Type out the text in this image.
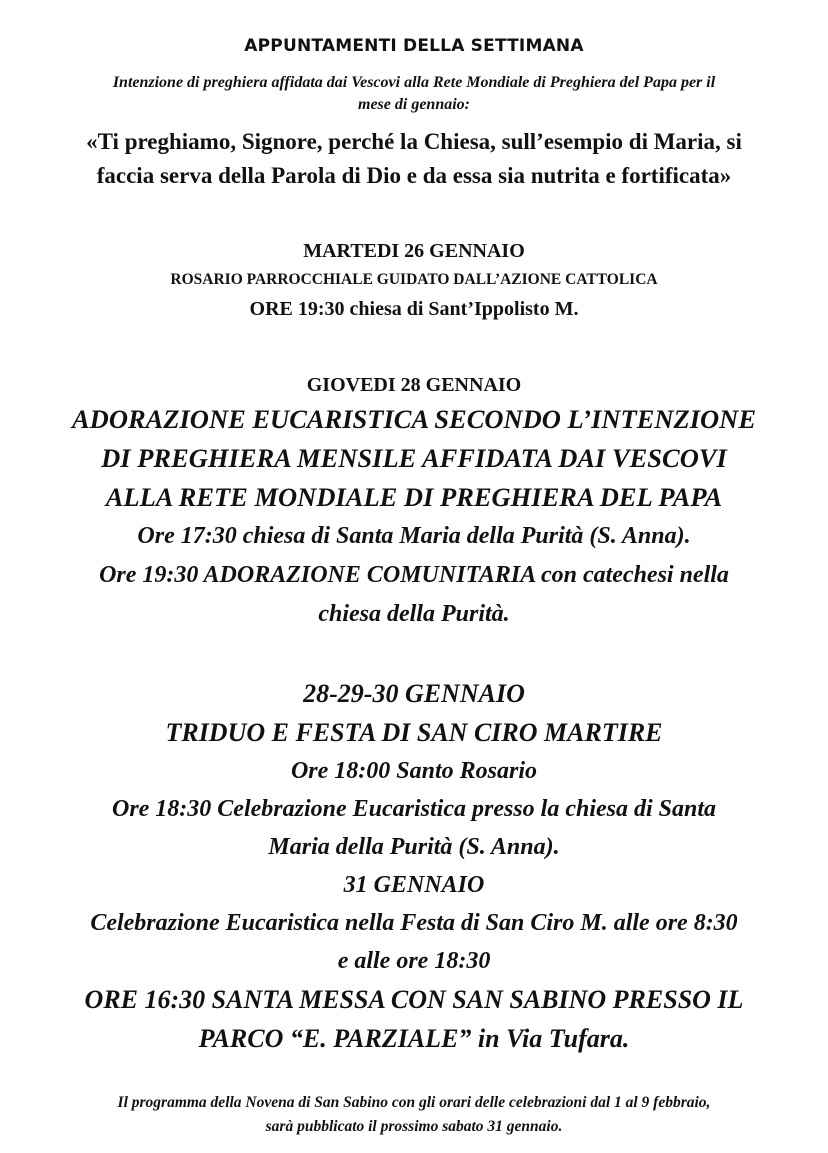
APPUNTAMENTI DELLA SETTIMANA
Intenzione di preghiera affidata dai Vescovi alla Rete Mondiale di Preghiera del Papa per il
mese di gennaio:
«Ti preghiamo, Signore, perché la Chiesa, sull’esempio di Maria, si
faccia serva della Parola di Dio e da essa sia nutrita e fortificata»
MARTEDI 26 GENNAIO
ROSARIO PARROCCHIALE GUIDATO DALL’AZIONE CATTOLICA
ORE 19:30 chiesa di Sant’Ippolisto M.
GIOVEDI 28 GENNAIO
ADORAZIONE EUCARISTICA SECONDO L’INTENZIONE
DI PREGHIERA MENSILE AFFIDATA DAI VESCOVI
ALLA RETE MONDIALE DI PREGHIERA DEL PAPA
Ore 17:30 chiesa di Santa Maria della Purità (S. Anna).
Ore 19:30 ADORAZIONE COMUNITARIA con catechesi nella
chiesa della Purità.
28-29-30 GENNAIO
TRIDUO E FESTA DI SAN CIRO MARTIRE
Ore 18:00 Santo Rosario
Ore 18:30 Celebrazione Eucaristica presso la chiesa di Santa
Maria della Purità (S. Anna).
31 GENNAIO
Celebrazione Eucaristica nella Festa di San Ciro M. alle ore 8:30
e alle ore 18:30
ORE 16:30 SANTA MESSA CON SAN SABINO PRESSO IL
PARCO “E. PARZIALE” in Via Tufara.
Il programma della Novena di San Sabino con gli orari delle celebrazioni dal 1 al 9 febbraio,
sarà pubblicato il prossimo sabato 31 gennaio.
